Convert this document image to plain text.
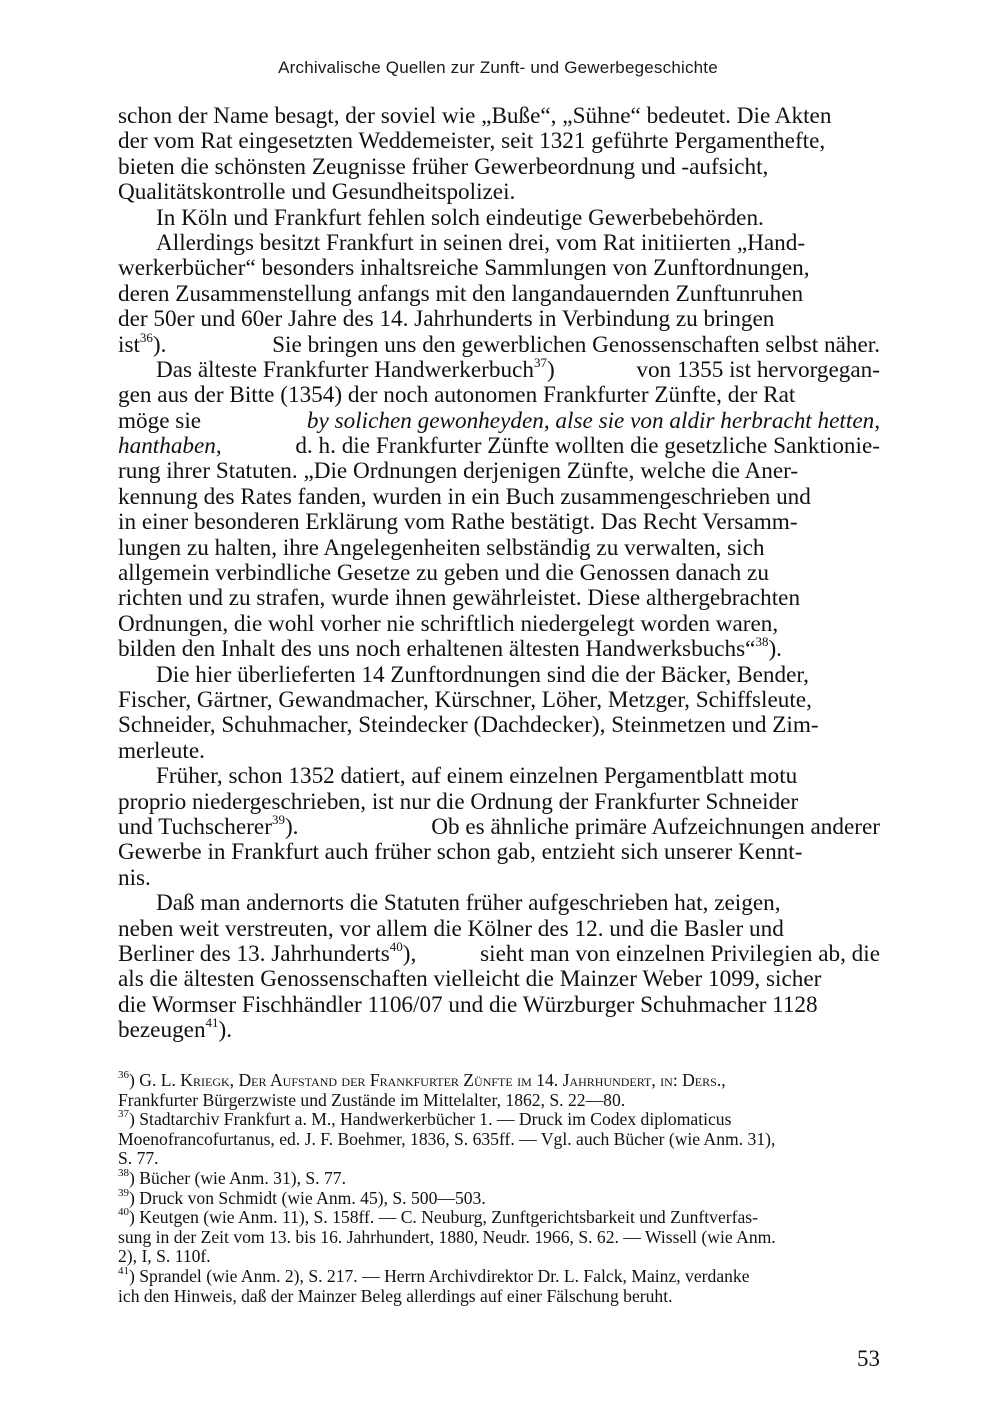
Archivalische Quellen zur Zunft- und Gewerbegeschichte
schon der Name besagt, der soviel wie „Buße“, „Sühne“ bedeutet. Die Akten
der vom Rat eingesetzten Weddemeister, seit 1321 geführte Pergamenthefte,
bieten die schönsten Zeugnisse früher Gewerbeordnung und -aufsicht,
Qualitätskontrolle und Gesundheitspolizei.
In Köln und Frankfurt fehlen solch eindeutige Gewerbebehörden.
Allerdings besitzt Frankfurt in seinen drei, vom Rat initiierten „Hand-
werkerbücher“ besonders inhaltsreiche Sammlungen von Zunftordnungen,
deren Zusammenstellung anfangs mit den langandauernden Zunftunruhen
der 50er und 60er Jahre des 14. Jahrhunderts in Verbindung zu bringen
ist$^{36}$).	Sie bringen uns den gewerblichen Genossenschaften selbst näher.
Das älteste Frankfurter Handwerkerbuch$^{37}$)	von 1355 ist hervorgegan-
gen aus der Bitte (1354) der noch autonomen Frankfurter Zünfte, der Rat
möge sie	by solichen gewonheyden, alse sie von aldir herbracht hetten,
hanthaben,	d. h. die Frankfurter Zünfte wollten die gesetzliche Sanktionie-
rung ihrer Statuten. „Die Ordnungen derjenigen Zünfte, welche die Aner-
kennung des Rates fanden, wurden in ein Buch zusammengeschrieben und
in einer besonderen Erklärung vom Rathe bestätigt. Das Recht Versamm-
lungen zu halten, ihre Angelegenheiten selbständig zu verwalten, sich
allgemein verbindliche Gesetze zu geben und die Genossen danach zu
richten und zu strafen, wurde ihnen gewährleistet. Diese althergebrachten
Ordnungen, die wohl vorher nie schriftlich niedergelegt worden waren,
bilden den Inhalt des uns noch erhaltenen ältesten Handwerksbuchs“$^{38}$).
Die hier überlieferten 14 Zunftordnungen sind die der Bäcker, Bender,
Fischer, Gärtner, Gewandmacher, Kürschner, Löher, Metzger, Schiffsleute,
Schneider, Schuhmacher, Steindecker (Dachdecker), Steinmetzen und Zim-
merleute.
Früher, schon 1352 datiert, auf einem einzelnen Pergamentblatt motu
proprio niedergeschrieben, ist nur die Ordnung der Frankfurter Schneider
und Tuchscherer$^{39}$).	Ob es ähnliche primäre Aufzeichnungen anderer
Gewerbe in Frankfurt auch früher schon gab, entzieht sich unserer Kennt-
nis.
Daß man andernorts die Statuten früher aufgeschrieben hat, zeigen,
neben weit verstreuten, vor allem die Kölner des 12. und die Basler und
Berliner des 13. Jahrhunderts$^{40}$),	sieht man von einzelnen Privilegien ab, die
als die ältesten Genossenschaften vielleicht die Mainzer Weber 1099, sicher
die Wormser Fischhändler 1106/07 und die Würzburger Schuhmacher 1128
bezeugen$^{41}$).
$^{36}$) G. L. Kriegk, Der Aufstand der Frankfurter Zünfte im 14. Jahrhundert, in: Ders.,
Frankfurter Bürgerzwiste und Zustände im Mittelalter, 1862, S. 22—80.
$^{37}$) Stadtarchiv Frankfurt a. M., Handwerkerbücher 1. — Druck im Codex diplomaticus
Moenofrancofurtanus, ed. J. F. Boehmer, 1836, S. 635ff. — Vgl. auch Bücher (wie Anm. 31),
S. 77.
$^{38}$) Bücher (wie Anm. 31), S. 77.
$^{39}$) Druck von Schmidt (wie Anm. 45), S. 500—503.
$^{40}$) Keutgen (wie Anm. 11), S. 158ff. — C. Neuburg, Zunftgerichtsbarkeit und Zunftverfas-
sung in der Zeit vom 13. bis 16. Jahrhundert, 1880, Neudr. 1966, S. 62. — Wissell (wie Anm.
2), I, S. 110f.
$^{41}$) Sprandel (wie Anm. 2), S. 217. — Herrn Archivdirektor Dr. L. Falck, Mainz, verdanke
ich den Hinweis, daß der Mainzer Beleg allerdings auf einer Fälschung beruht.
53
